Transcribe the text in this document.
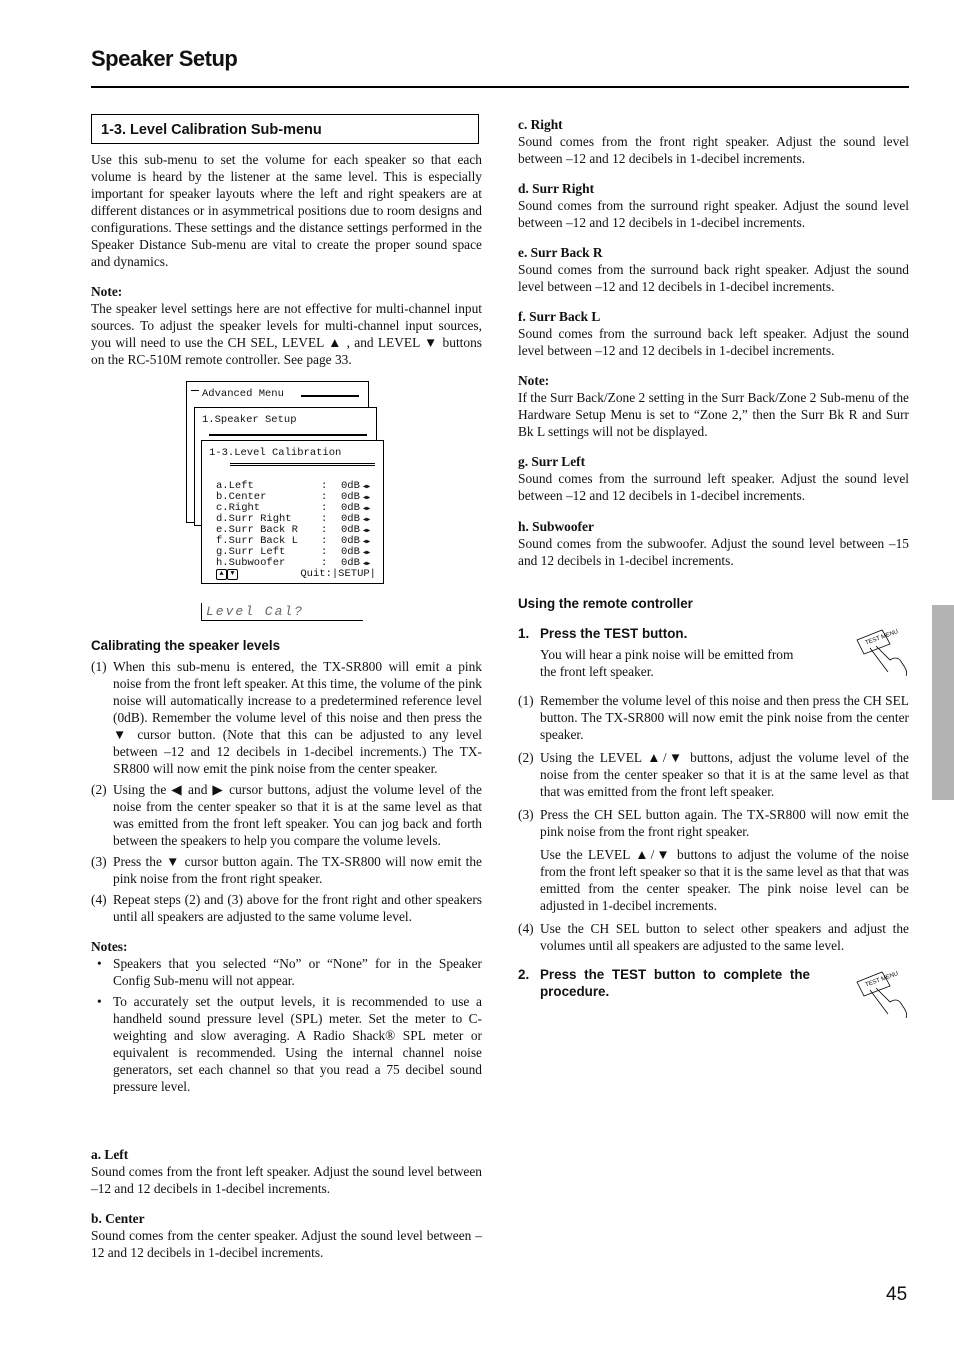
Speaker Setup
1-3. Level Calibration Sub-menu

Use this sub-menu to set the volume for each speaker so that each volume is heard by the listener at the same level. This is especially important for speaker layouts where the left and right speakers are at different distances or in asymmetrical positions due to room designs and configurations. These settings and the distance settings performed in the Speaker Distance Sub-menu are vital to create the proper sound space and dynamics.

Note:

The speaker level settings here are not effective for multi-channel input sources. To adjust the speaker levels for multi-channel input sources, you will need to use the CH SEL, LEVEL ▲ , and LEVEL ▼ buttons on the RC-510M remote controller. See page 33.

Advanced Menu
1.Speaker Setup
1-3.Level Calibration
a.Left	: 0dB ◀▶
b.Center	: 0dB ◀▶
c.Right	: 0dB ◀▶
d.Surr Right	: 0dB ◀▶
e.Surr Back R : 0dB ◀▶
f.Surr Back L : 0dB ◀▶
g.Surr Left	: 0dB ◀▶
h.Subwoofer	: 0dB ◀▶
▲ ▼	Quit:|SETUP|
Level Cal?

Calibrating the speaker levels

(1) When this sub-menu is entered, the TX-SR800 will emit a pink noise from the front left speaker. At this time, the volume of the pink noise will automatically increase to a predetermined reference level (0dB). Remember the volume level of this noise and then press the ▼ cursor button. (Note that this can be adjusted to any level between –12 and 12 decibels in 1-decibel increments.) The TX-SR800 will now emit the pink noise from the center speaker.

(2) Using the ◀ and ▶ cursor buttons, adjust the volume level of the noise from the center speaker so that it is at the same level as that was emitted from the front left speaker. You can jog back and forth between the speakers to help you compare the volume levels.

(3) Press the ▼ cursor button again. The TX-SR800 will now emit the pink noise from the front right speaker.

(4) Repeat steps (2) and (3) above for the front right and other speakers until all speakers are adjusted to the same volume level.

Notes:

• Speakers that you selected “No” or “None” for in the Speaker Config Sub-menu will not appear.

• To accurately set the output levels, it is recommended to use a handheld sound pressure level (SPL) meter. Set the meter to C-weighting and slow averaging. A Radio Shack® SPL meter or equivalent is recommended. Using the internal channel noise generators, set each channel so that you read a 75 decibel sound pressure level.

a. Left

Sound comes from the front left speaker. Adjust the sound level between –12 and 12 decibels in 1-decibel increments.

b. Center

Sound comes from the center speaker. Adjust the sound level between –12 and 12 decibels in 1-decibel increments.

c. Right

Sound comes from the front right speaker. Adjust the sound level between –12 and 12 decibels in 1-decibel increments.

d. Surr Right

Sound comes from the surround right speaker. Adjust the sound level between –12 and 12 decibels in 1-decibel increments.

e. Surr Back R

Sound comes from the surround back right speaker. Adjust the sound level between –12 and 12 decibels in 1-decibel increments.

f. Surr Back L

Sound comes from the surround back left speaker. Adjust the sound level between –12 and 12 decibels in 1-decibel increments.

Note:

If the Surr Back/Zone 2 setting in the Surr Back/Zone 2 Sub-menu of the Hardware Setup Menu is set to “Zone 2,” then the Surr Bk R and Surr Bk L settings will not be displayed.

g. Surr Left

Sound comes from the surround left speaker. Adjust the sound level between –12 and 12 decibels in 1-decibel increments.

h. Subwoofer

Sound comes from the subwoofer. Adjust the sound level between –15 and 12 decibels in 1-decibel increments.

Using the remote controller

1. Press the TEST button.

You will hear a pink noise will be emitted from the front left speaker.

(1) Remember the volume level of this noise and then press the CH SEL button. The TX-SR800 will now emit the pink noise from the center speaker.

(2) Using the LEVEL ▲/▼ buttons, adjust the volume level of the noise from the center speaker so that it is at the same level as that that was emitted from the front left speaker.

(3) Press the CH SEL button again. The TX-SR800 will now emit the pink noise from the front right speaker.

Use the LEVEL ▲/▼ buttons to adjust the volume of the noise from the front left speaker so that it is the same level as that that was emitted from the center speaker. The pink noise level can be adjusted in 1-decibel increments.

(4) Use the CH SEL button to select other speakers and adjust the volumes until all speakers are adjusted to the same level.

2. Press the TEST button to complete the procedure.
TEST MENU
TEST MENU
45
